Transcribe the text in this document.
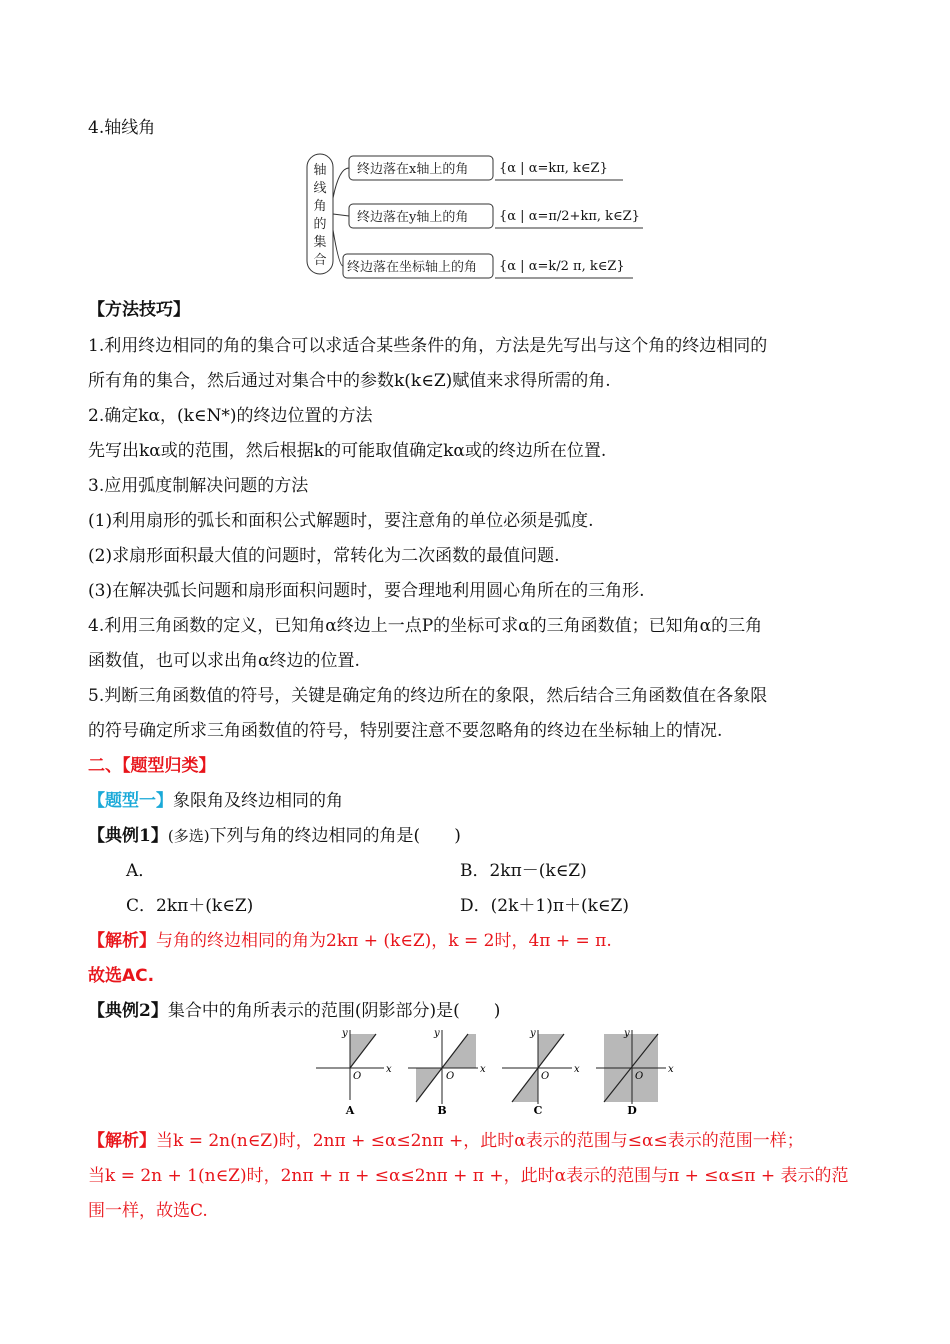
4.轴线角
轴
线
角
的
集
合
终边落在x轴上的角
终边落在y轴上的角
终边落在坐标轴上的角
{α | α=kπ, k∈Z}
{α | α=π/2+kπ, k∈Z}
{α | α=k/2 π, k∈Z}
【方法技巧】
1.利用终边相同的角的集合可以求适合某些条件的角，方法是先写出与这个角的终边相同的
所有角的集合，然后通过对集合中的参数k(k∈Z)赋值来求得所需的角.
2.确定kα，(k∈N*)的终边位置的方法
先写出kα或的范围，然后根据k的可能取值确定kα或的终边所在位置.
3.应用弧度制解决问题的方法
(1)利用扇形的弧长和面积公式解题时，要注意角的单位必须是弧度.
(2)求扇形面积最大值的问题时，常转化为二次函数的最值问题.
(3)在解决弧长问题和扇形面积问题时，要合理地利用圆心角所在的三角形.
4.利用三角函数的定义，已知角α终边上一点P的坐标可求α的三角函数值；已知角α的三角
函数值，也可以求出角α终边的位置.
5.判断三角函数值的符号，关键是确定角的终边所在的象限，然后结合三角函数值在各象限
的符号确定所求三角函数值的符号，特别要注意不要忽略角的终边在坐标轴上的情况.
二、【题型归类】
【题型一】象限角及终边相同的角
【典例1】(多选)下列与角的终边相同的角是(　　)
A．	B．2kπ－(k∈Z)
C．2kπ＋(k∈Z)	D．(2k＋1)π＋(k∈Z)
【解析】与角的终边相同的角为2kπ + (k∈Z)，k = 2时，4π + = π.
故选AC.
【典例2】集合中的角所表示的范围(阴影部分)是(　　)
y
x
O
A
y
x
O
B
y
x
O
C
y
x
O
D
【解析】当k = 2n(n∈Z)时，2nπ + ≤α≤2nπ +，此时α表示的范围与≤α≤表示的范围一样；
当k = 2n + 1(n∈Z)时，2nπ + π + ≤α≤2nπ + π +，此时α表示的范围与π + ≤α≤π + 表示的范
围一样，故选C.
